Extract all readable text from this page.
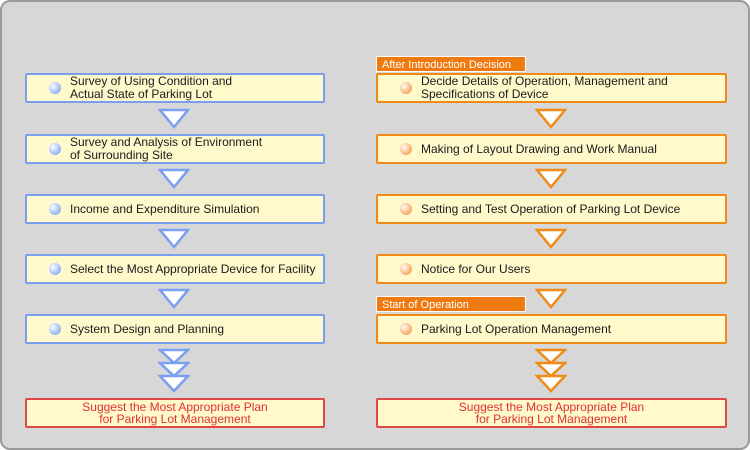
Survey of Using Condition and
Actual State of Parking Lot
Survey and Analysis of Environment
of Surrounding Site
Income and Expenditure Simulation
Select the Most Appropriate Device for Facility
System Design and Planning
Suggest the Most Appropriate Plan
for Parking Lot Management
After Introduction Decision
Decide Details of Operation, Management and
Specifications of Device
Making of Layout Drawing and Work Manual
Setting and Test Operation of Parking Lot Device
Notice for Our Users
Start of Operation
Parking Lot Operation Management
Suggest the Most Appropriate Plan
for Parking Lot Management
